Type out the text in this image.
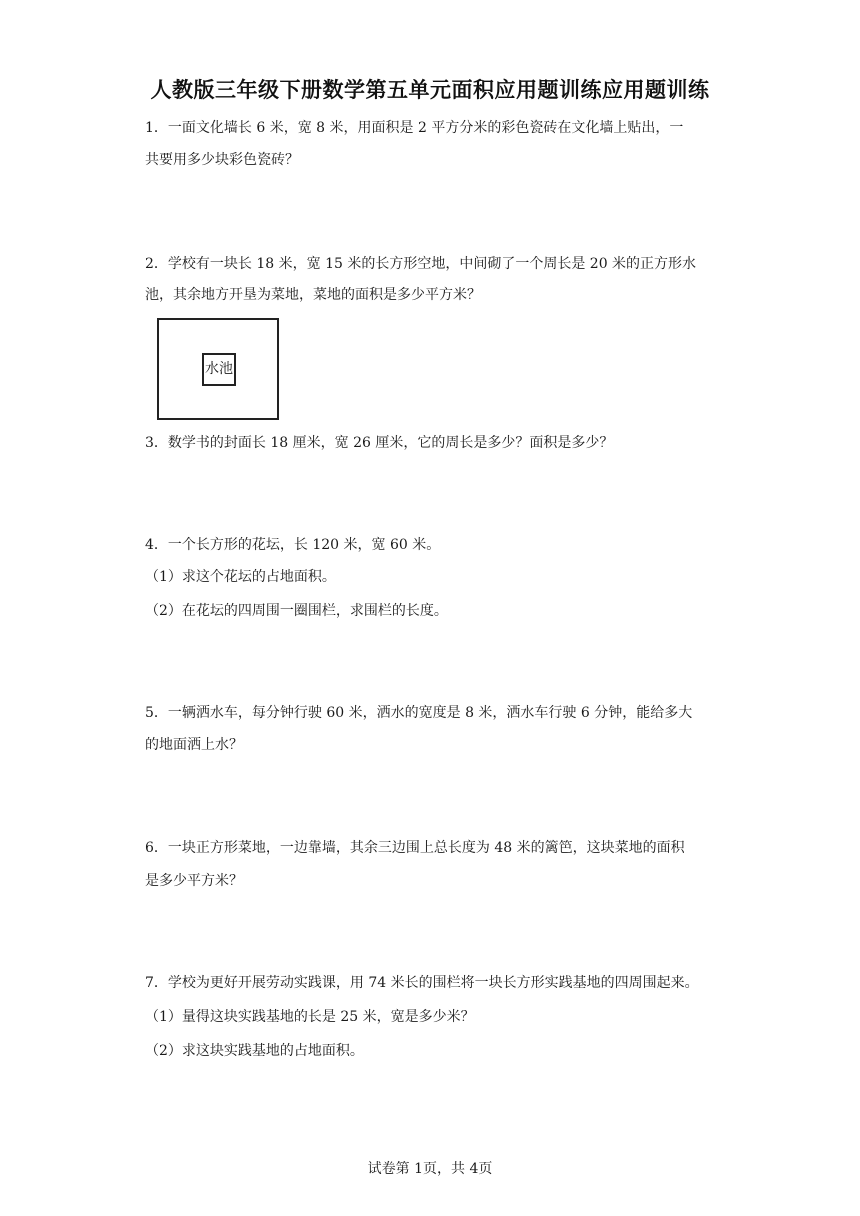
人教版三年级下册数学第五单元面积应用题训练应用题训练
1．一面文化墙长 6 米，宽 8 米，用面积是 2 平方分米的彩色瓷砖在文化墙上贴出，一
共要用多少块彩色瓷砖？
2．学校有一块长 18 米，宽 15 米的长方形空地，中间砌了一个周长是 20 米的正方形水
池，其余地方开垦为菜地，菜地的面积是多少平方米？
水池
3．数学书的封面长 18 厘米，宽 26 厘米，它的周长是多少？面积是多少？
4．一个长方形的花坛，长 120 米，宽 60 米。
（1）求这个花坛的占地面积。
（2）在花坛的四周围一圈围栏，求围栏的长度。
5．一辆洒水车，每分钟行驶 60 米，洒水的宽度是 8 米，洒水车行驶 6 分钟，能给多大
的地面洒上水？
6．一块正方形菜地，一边靠墙，其余三边围上总长度为 48 米的篱笆，这块菜地的面积
是多少平方米？
7．学校为更好开展劳动实践课，用 74 米长的围栏将一块长方形实践基地的四周围起来。
（1）量得这块实践基地的长是 25 米，宽是多少米？
（2）求这块实践基地的占地面积。
试卷第 1页，共 4页
